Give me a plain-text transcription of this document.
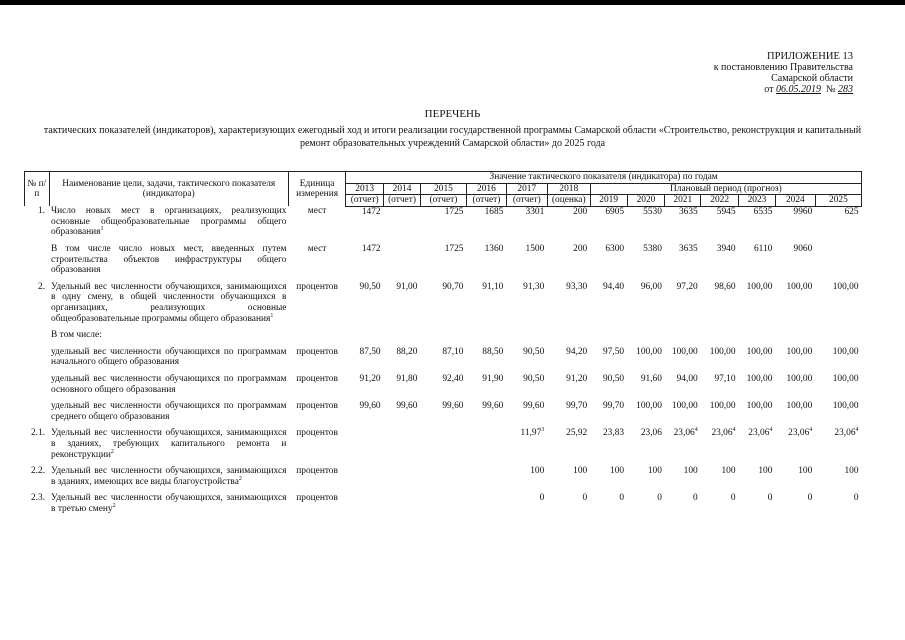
ПРИЛОЖЕНИЕ 13
к постановлению Правительства
Самарской области
от 06.05.2019 № 283
ПЕРЕЧЕНЬ
тактических показателей (индикаторов), характеризующих ежегодный ход и итоги реализации государственной программы Самарской области «Строительство, реконструкция и капитальный ремонт образовательных учреждений Самарской области» до 2025 года
№ п/п	Наименование цели, задачи, тактического показателя (индикатора)	Единица измерения	Значение тактического показателя (индикатора) по годам												
			2013	2014	2015	2016	2017	2018	Плановый период (прогноз)						
			(отчет)	(отчет)	(отчет)	(отчет)	(отчет)	(оценка)	2019	2020	2021	2022	2023	2024	2025
1.	Число новых мест в организациях, реализующих основные общеобразовательные программы общего образования$^1$	мест	1472		1725	1685	3301	200	6905	5530	3635	5945	6535	9960	625

	В том числе число новых мест, введенных путем строительства объектов инфраструктуры общего образования	мест	1472		1725	1360	1500	200	6300	5380	3635	3940	6110	9060	

2.	Удельный вес численности обучающихся, занимающихся в одну смену, в общей численности обучающихся в организациях, реализующих основные общеобразовательные программы общего образования$^1$	процентов	90,50	91,00	90,70	91,10	91,30	93,30	94,40	96,00	97,20	98,60	100,00	100,00	100,00

	В том числе:														

	удельный вес численности обучающихся по программам начального общего образования	процентов	87,50	88,20	87,10	88,50	90,50	94,20	97,50	100,00	100,00	100,00	100,00	100,00	100,00

	удельный вес численности обучающихся по программам основного общего образования	процентов	91,20	91,80	92,40	91,90	90,50	91,20	90,50	91,60	94,00	97,10	100,00	100,00	100,00

	удельный вес численности обучающихся по программам среднего общего образования	процентов	99,60	99,60	99,60	99,60	99,60	99,70	99,70	100,00	100,00	100,00	100,00	100,00	100,00

2.1.	Удельный вес численности обучающихся, занимающихся в зданиях, требующих капитального ремонта и реконструкции$^2$	процентов					11,97$^3$	25,92	23,83	23,06	23,06$^4$	23,06$^4$	23,06$^4$	23,06$^4$	23,06$^4$

2.2.	Удельный вес численности обучающихся, занимающихся в зданиях, имеющих все виды благоустройства$^2$	процентов					100	100	100	100	100	100	100	100	100

2.3.	Удельный вес численности обучающихся, занимающихся в третью смену$^2$	процентов					0	0	0	0	0	0	0	0	0
